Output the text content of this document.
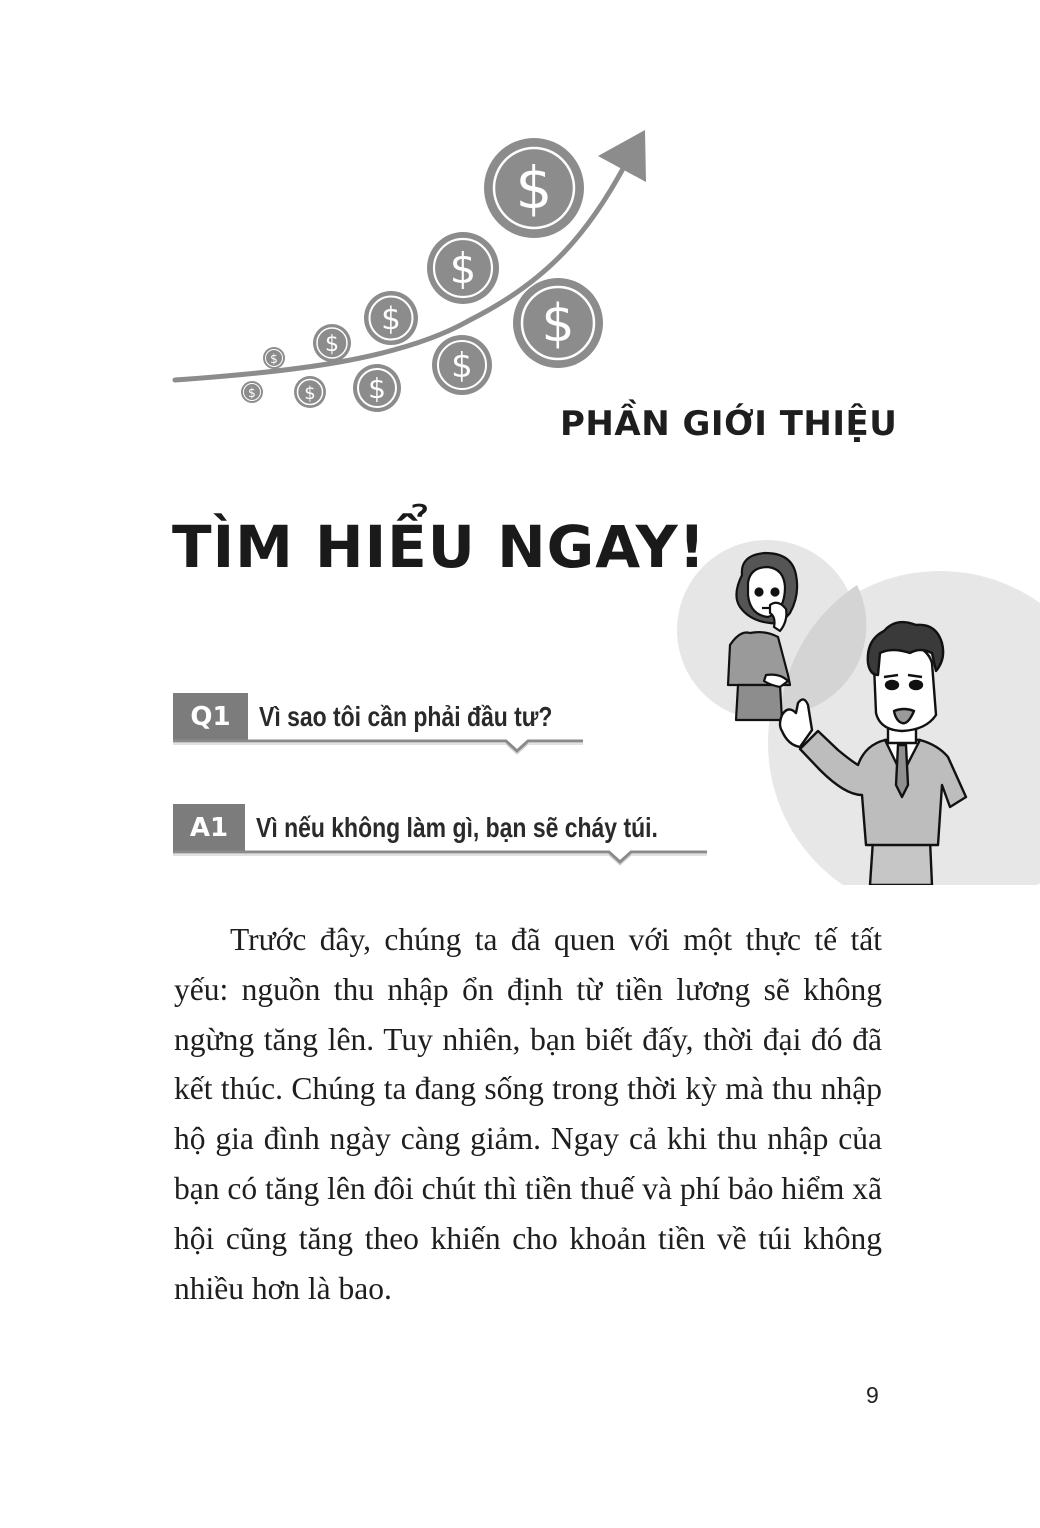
$
$
$
$
$
$
$
$
$
$
PHẦN GIỚI THIỆU
TÌM HIỂU NGAY!
Q1	Vì sao tôi cần phải đầu tư?
A1 Vì nếu không làm gì, bạn sẽ cháy túi.

Trước đây, chúng ta đã quen với một thực tế tất yếu: nguồn thu nhập ổn định từ tiền lương sẽ không ngừng tăng lên. Tuy nhiên, bạn biết đấy, thời đại đó đã kết thúc. Chúng ta đang sống trong thời kỳ mà thu nhập hộ gia đình ngày càng giảm. Ngay cả khi thu nhập của bạn có tăng lên đôi chút thì tiền thuế và phí bảo hiểm xã hội cũng tăng theo khiến cho khoản tiền về túi không nhiều hơn là bao.

9
